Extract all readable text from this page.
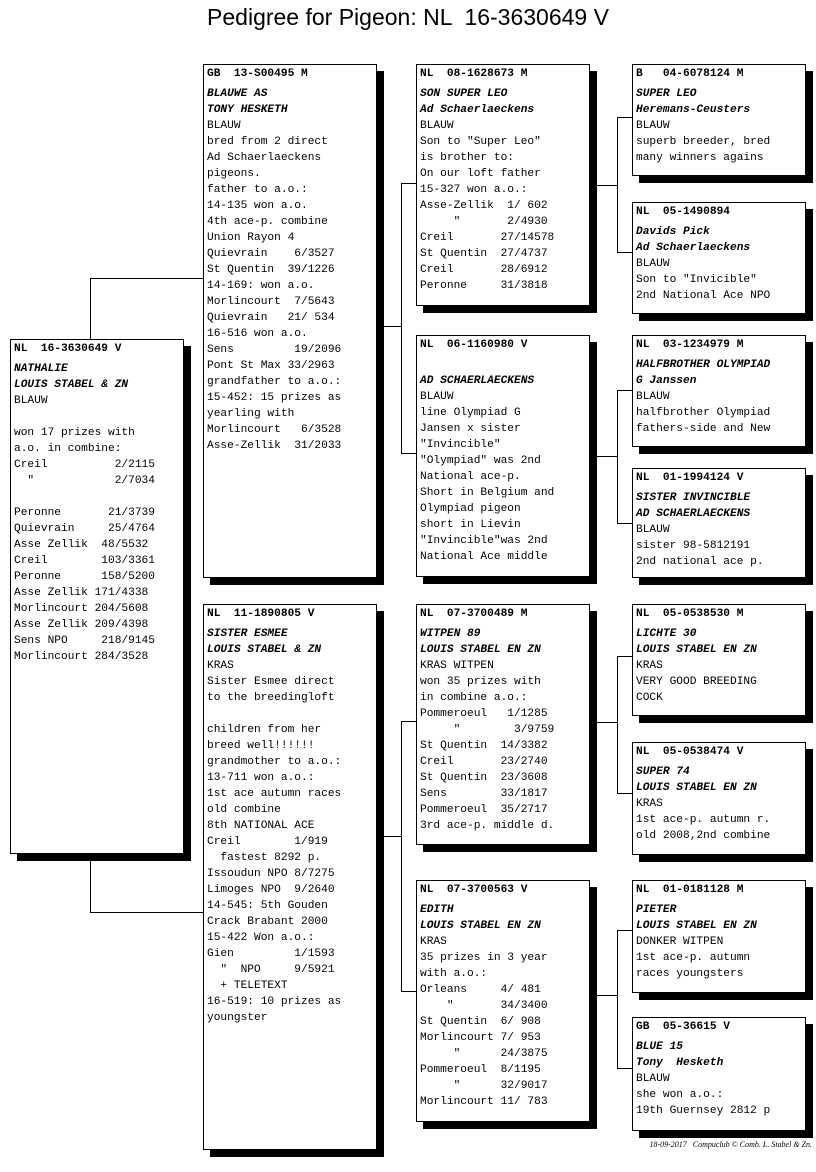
Pedigree for Pigeon: NL  16-3630649 V
NL  16-3630649 V
NATHALIE
LOUIS STABEL & ZN
BLAUW
won 17 prizes with
a.o. in combine:
Creil          2/2115
"            2/7034
Peronne       21/3739
Quievrain     25/4764
Asse Zellik  48/5532
Creil        103/3361
Peronne      158/5200
Asse Zellik 171/4338
Morlincourt 204/5608
Asse Zellik 209/4398
Sens NPO     218/9145
Morlincourt 284/3528
GB  13-S00495 M
BLAUWE AS
TONY HESKETH
BLAUW
bred from 2 direct
Ad Schaerlaeckens
pigeons.
father to a.o.:
14-135 won a.o.
4th ace-p. combine
Union Rayon 4
Quievrain    6/3527
St Quentin  39/1226
14-169: won a.o.
Morlincourt  7/5643
Quievrain   21/ 534
16-516 won a.o.
Sens         19/2096
Pont St Max 33/2963
grandfather to a.o.:
15-452: 15 prizes as
yearling with
Morlincourt   6/3528
Asse-Zellik  31/2033
NL  11-1890805 V
SISTER ESMEE
LOUIS STABEL & ZN
KRAS
Sister Esmee direct
to the breedingloft
children from her
breed well!!!!!!
grandmother to a.o.:
13-711 won a.o.:
1st ace autumn races
old combine
8th NATIONAL ACE
Creil        1/919
fastest 8292 p.
Issoudun NPO 8/7275
Limoges NPO  9/2640
14-545: 5th Gouden
Crack Brabant 2000
15-422 Won a.o.:
Gien         1/1593
"  NPO     9/5921
+ TELETEXT
16-519: 10 prizes as
youngster
NL  08-1628673 M
SON SUPER LEO
Ad Schaerlaeckens
BLAUW
Son to "Super Leo"
is brother to:
On our loft father
15-327 won a.o.:
Asse-Zellik  1/ 602
"       2/4930
Creil       27/14578
St Quentin  27/4737
Creil       28/6912
Peronne     31/3818
NL  06-1160980 V
AD SCHAERLAECKENS
BLAUW
line Olympiad G
Jansen x sister
"Invincible"
"Olympiad" was 2nd
National ace-p.
Short in Belgium and
Olympiad pigeon
short in Lievin
"Invincible"was 2nd
National Ace middle
NL  07-3700489 M
WITPEN 89
LOUIS STABEL EN ZN
KRAS WITPEN
won 35 prizes with
in combine a.o.:
Pommeroeul   1/1285
"        3/9759
St Quentin  14/3382
Creil       23/2740
St Quentin  23/3608
Sens        33/1817
Pommeroeul  35/2717
3rd ace-p. middle d.
NL  07-3700563 V
EDITH
LOUIS STABEL EN ZN
KRAS
35 prizes in 3 year
with a.o.:
Orleans     4/ 481
"       34/3400
St Quentin  6/ 908
Morlincourt 7/ 953
"      24/3875
Pommeroeul  8/1195
"      32/9017
Morlincourt 11/ 783
B   04-6078124 M
SUPER LEO
Heremans-Ceusters
BLAUW
superb breeder, bred
many winners agains
NL  05-1490894
Davids Pick
Ad Schaerlaeckens
BLAUW
Son to "Invicible"
2nd National Ace NPO
NL  03-1234979 M
HALFBROTHER OLYMPIAD
G Janssen
BLAUW
halfbrother Olympiad
fathers-side and New
NL  01-1994124 V
SISTER INVINCIBLE
AD SCHAERLAECKENS
BLAUW
sister 98-5812191
2nd national ace p.
NL  05-0538530 M
LICHTE 30
LOUIS STABEL EN ZN
KRAS
VERY GOOD BREEDING
COCK
NL  05-0538474 V
SUPER 74
LOUIS STABEL EN ZN
KRAS
1st ace-p. autumn r.
old 2008,2nd combine
NL  01-0181128 M
PIETER
LOUIS STABEL EN ZN
DONKER WITPEN
1st ace-p. autumn
races youngsters
GB  05-36615 V
BLUE 15
Tony  Hesketh
BLAUW
she won a.o.:
19th Guernsey 2812 p
18-09-2017 Compuclub © Comb. L. Stabel & Zn.
